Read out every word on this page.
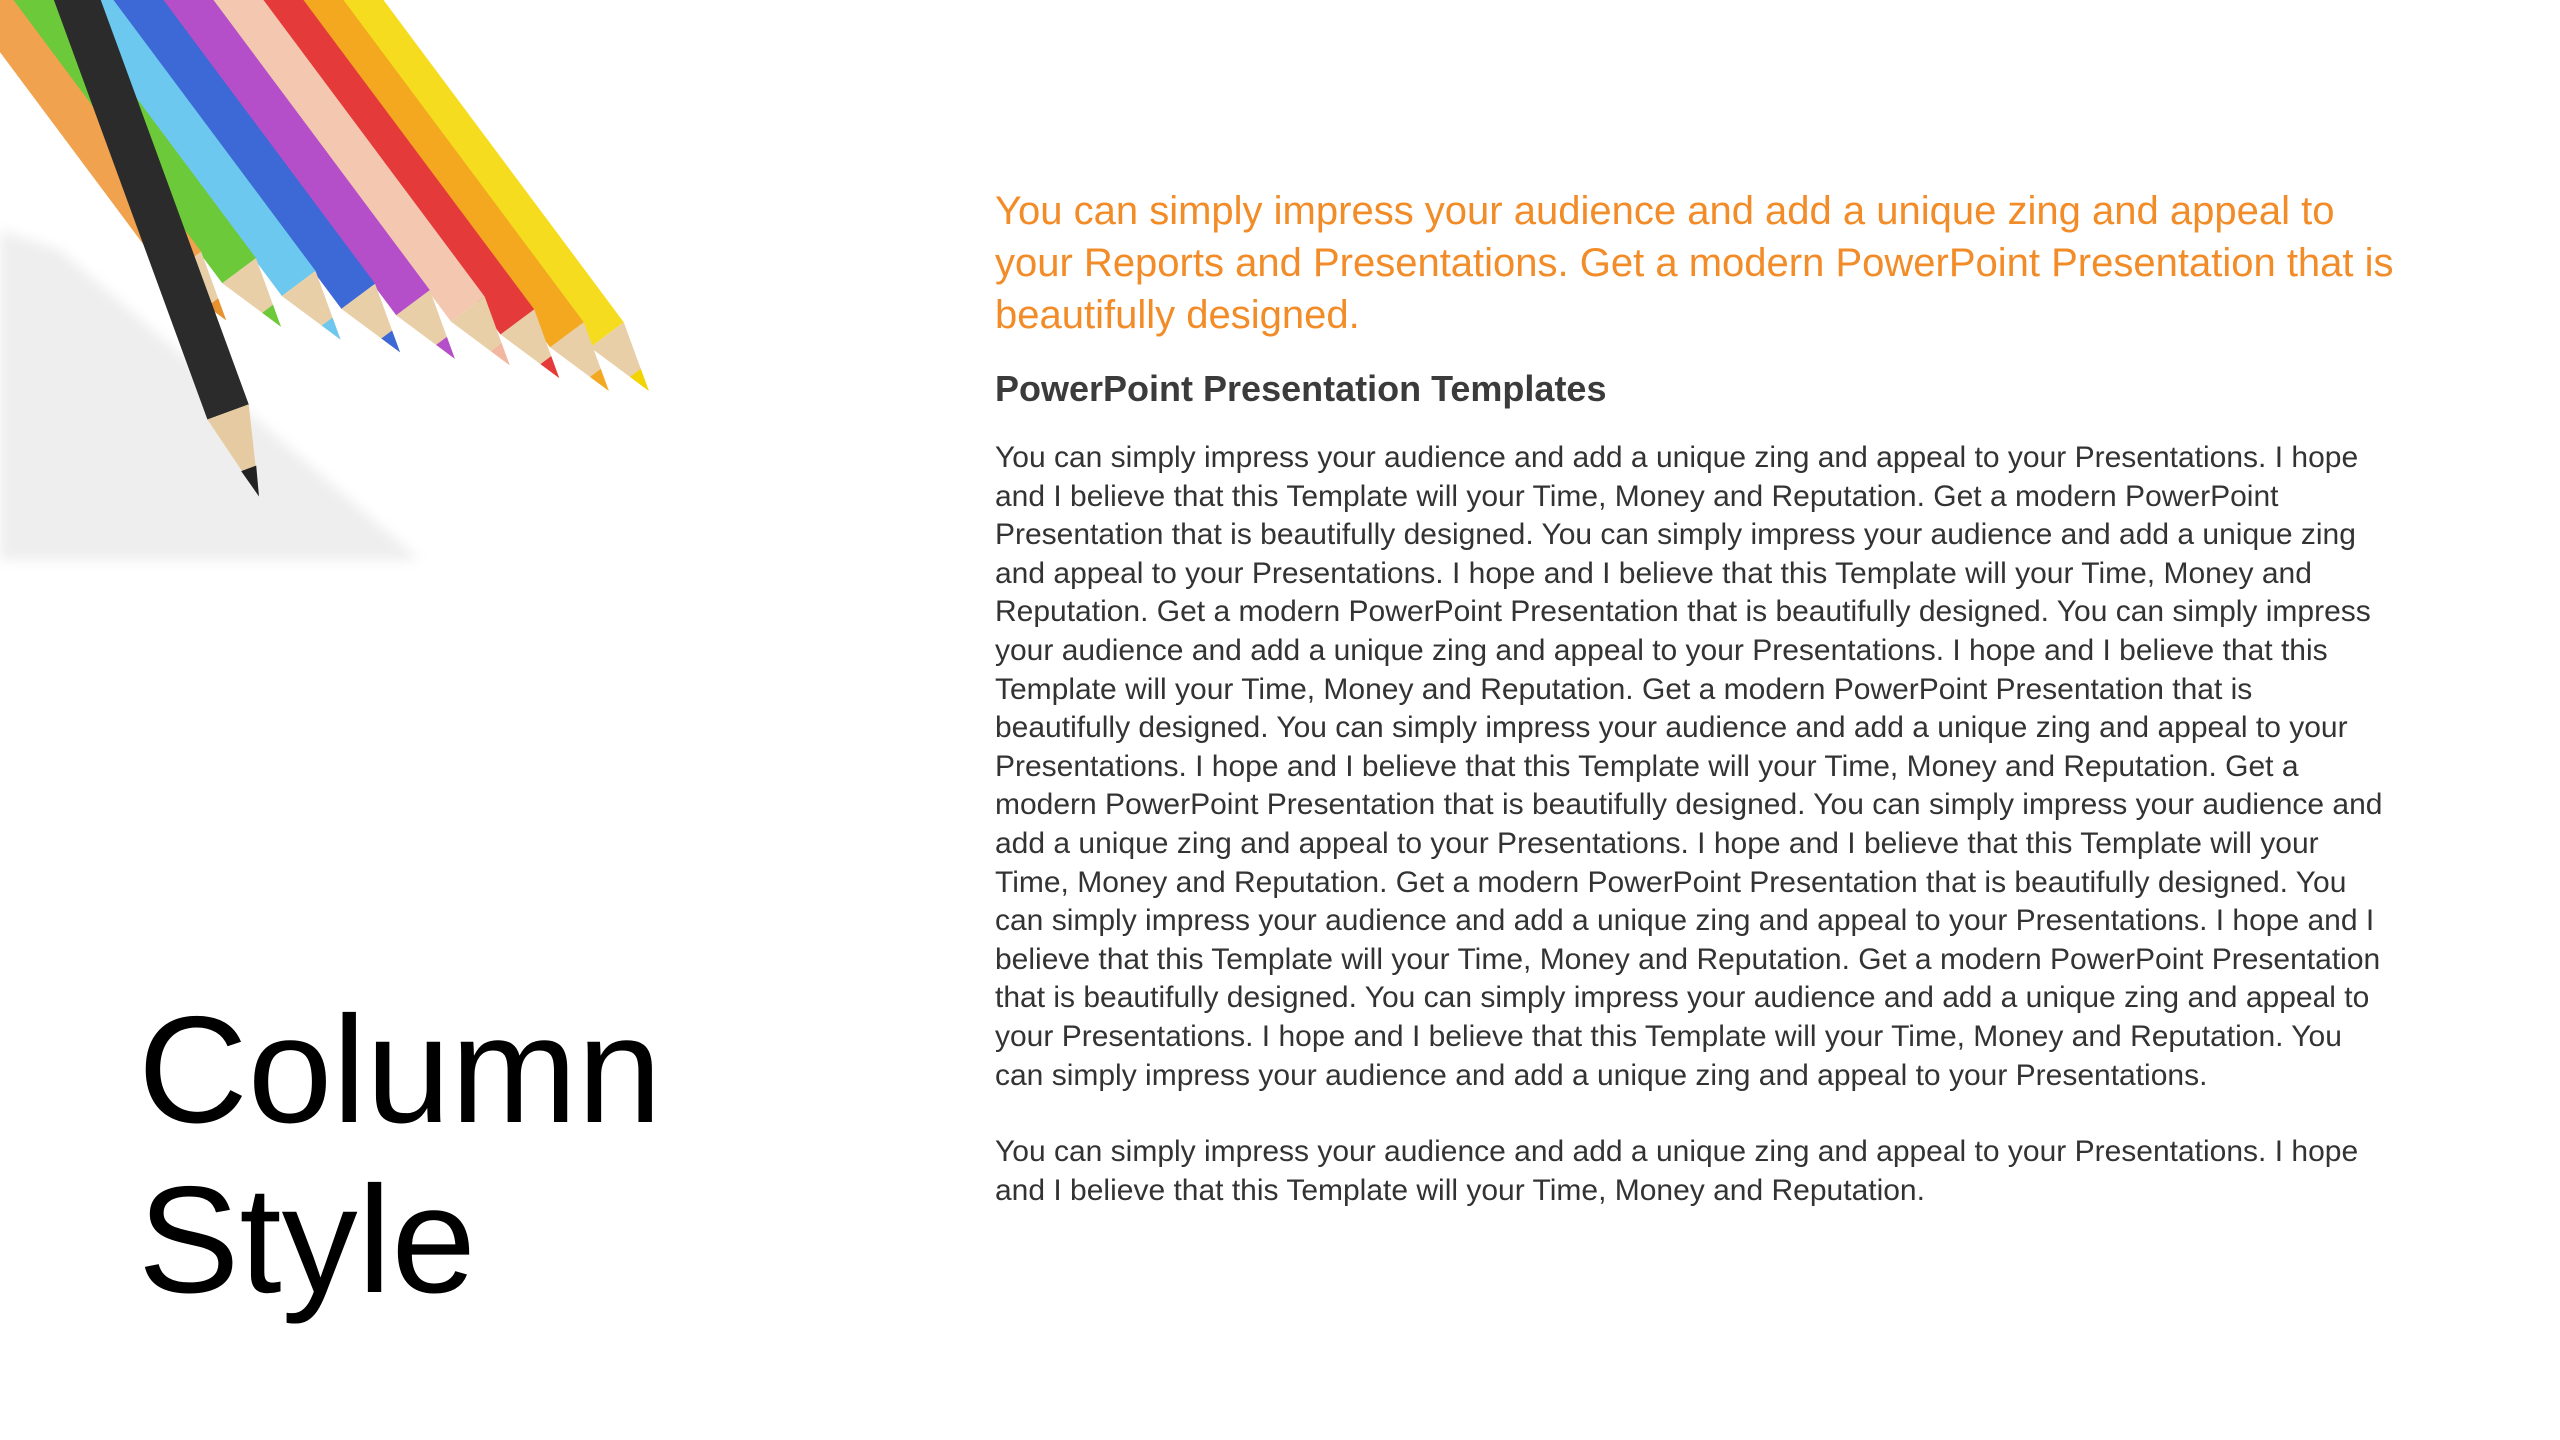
Column
Style

You can simply impress your audience and add a unique zing and appeal to your Reports and Presentations. Get a modern PowerPoint Presentation that is beautifully designed.

PowerPoint Presentation Templates

You can simply impress your audience and add a unique zing and appeal to your Presentations. I hope and I believe that this Template will your Time, Money and Reputation. Get a modern PowerPoint Presentation that is beautifully designed. You can simply impress your audience and add a unique zing and appeal to your Presentations. I hope and I believe that this Template will your Time, Money and Reputation. Get a modern PowerPoint Presentation that is beautifully designed. You can simply impress your audience and add a unique zing and appeal to your Presentations. I hope and I believe that this Template will your Time, Money and Reputation. Get a modern PowerPoint Presentation that is beautifully designed. You can simply impress your audience and add a unique zing and appeal to your Presentations. I hope and I believe that this Template will your Time, Money and Reputation. Get a modern PowerPoint Presentation that is beautifully designed. You can simply impress your audience and add a unique zing and appeal to your Presentations. I hope and I believe that this Template will your Time, Money and Reputation. Get a modern PowerPoint Presentation that is beautifully designed. You can simply impress your audience and add a unique zing and appeal to your Presentations. I hope and I believe that this Template will your Time, Money and Reputation. Get a modern PowerPoint Presentation that is beautifully designed. You can simply impress your audience and add a unique zing and appeal to your Presentations. I hope and I believe that this Template will your Time, Money and Reputation. You can simply impress your audience and add a unique zing and appeal to your Presentations.

You can simply impress your audience and add a unique zing and appeal to your Presentations. I hope and I believe that this Template will your Time, Money and Reputation.
